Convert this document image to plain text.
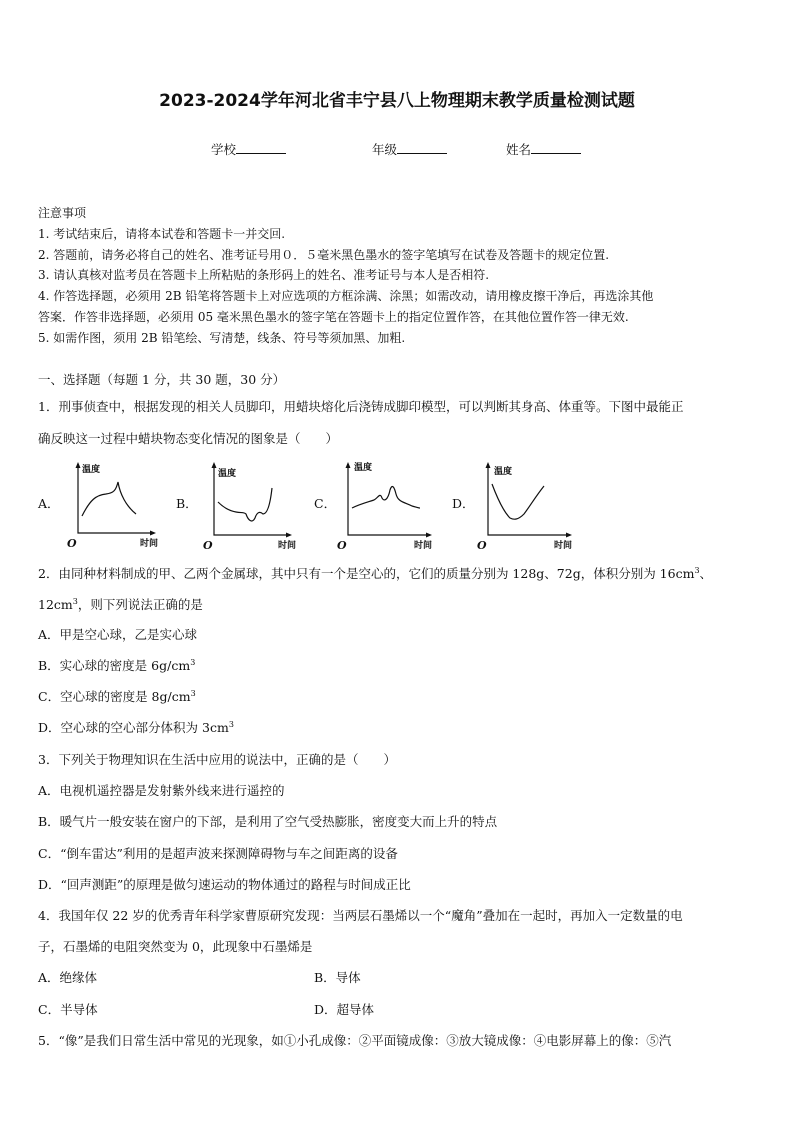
2023-2024学年河北省丰宁县八上物理期末教学质量检测试题
学校	年级	姓名
注意事项
1. 考试结束后，请将本试卷和答题卡一并交回.
2. 答题前，请务必将自己的姓名、准考证号用０．５毫米黑色墨水的签字笔填写在试卷及答题卡的规定位置.
3. 请认真核对监考员在答题卡上所粘贴的条形码上的姓名、准考证号与本人是否相符.
4. 作答选择题，必须用 2B 铅笔将答题卡上对应选项的方框涂满、涂黑；如需改动，请用橡皮擦干净后，再选涂其他
答案．作答非选择题，必须用 05 毫米黑色墨水的签字笔在答题卡上的指定位置作答，在其他位置作答一律无效.
5. 如需作图，须用 2B 铅笔绘、写清楚，线条、符号等须加黑、加粗.
一、选择题（每题 1 分，共 30 题，30 分）
1．刑事侦查中，根据发现的相关人员脚印，用蜡块熔化后浇铸成脚印模型，可以判断其身高、体重等。下图中最能正
确反映这一过程中蜡块物态变化情况的图象是（　　）
A．
温度
时间
O
B．
温度
时间
O
C．
温度
时间
O
D．
温度
时间
O
2．由同种材料制成的甲、乙两个金属球，其中只有一个是空心的，它们的质量分别为 128g、72g，体积分别为 $16cm^3$、
$12cm^3$，则下列说法正确的是
A．甲是空心球，乙是实心球
B．实心球的密度是 $6g/cm^3$
C．空心球的密度是 $8g/cm^3$
D．空心球的空心部分体积为 $3cm^3$
3．下列关于物理知识在生活中应用的说法中，正确的是（　　）
A．电视机遥控器是发射紫外线来进行遥控的
B．暖气片一般安装在窗户的下部，是利用了空气受热膨胀，密度变大而上升的特点
C．“倒车雷达”利用的是超声波来探测障碍物与车之间距离的设备
D．“回声测距”的原理是做匀速运动的物体通过的路程与时间成正比
4．我国年仅 22 岁的优秀青年科学家曹原研究发现：当两层石墨烯以一个“魔角”叠加在一起时，再加入一定数量的电
子，石墨烯的电阻突然变为 0，此现象中石墨烯是
A．绝缘体	B．导体
C．半导体	D．超导体
5．“像”是我们日常生活中常见的光现象，如①小孔成像：②平面镜成像：③放大镜成像：④电影屏幕上的像：⑤汽
